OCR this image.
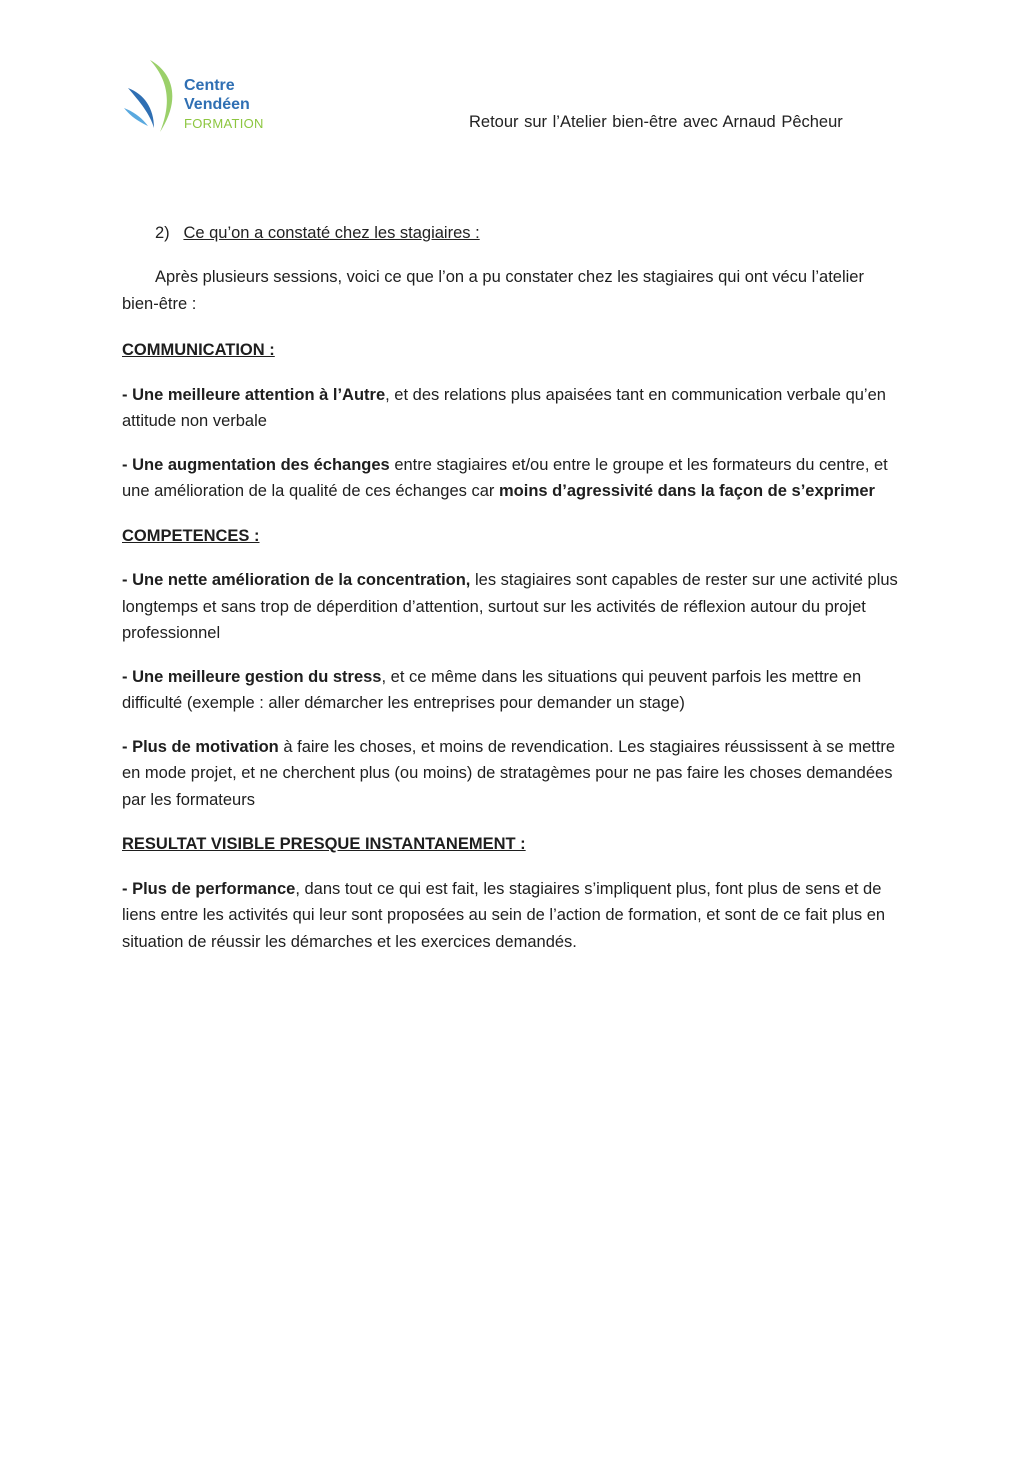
Centre
Vendéen
FORMATION	Retour sur l’Atelier bien-être avec Arnaud Pêcheur
2) Ce qu’on a constaté chez les stagiaires :

Après plusieurs sessions, voici ce que l’on a pu constater chez les stagiaires qui ont vécu l’atelier bien-être :

COMMUNICATION :

- Une meilleure attention à l’Autre, et des relations plus apaisées tant en communication verbale qu’en attitude non verbale

- Une augmentation des échanges entre stagiaires et/ou entre le groupe et les formateurs du centre, et une amélioration de la qualité de ces échanges car moins d’agressivité dans la façon de s’exprimer

COMPETENCES :

- Une nette amélioration de la concentration, les stagiaires sont capables de rester sur une activité plus longtemps et sans trop de déperdition d’attention, surtout sur les activités de réflexion autour du projet professionnel

- Une meilleure gestion du stress, et ce même dans les situations qui peuvent parfois les mettre en difficulté (exemple : aller démarcher les entreprises pour demander un stage)

- Plus de motivation à faire les choses, et moins de revendication. Les stagiaires réussissent à se mettre en mode projet, et ne cherchent plus (ou moins) de stratagèmes pour ne pas faire les choses demandées par les formateurs

RESULTAT VISIBLE PRESQUE INSTANTANEMENT :

- Plus de performance, dans tout ce qui est fait, les stagiaires s’impliquent plus, font plus de sens et de liens entre les activités qui leur sont proposées au sein de l’action de formation, et sont de ce fait plus en situation de réussir les démarches et les exercices demandés.
